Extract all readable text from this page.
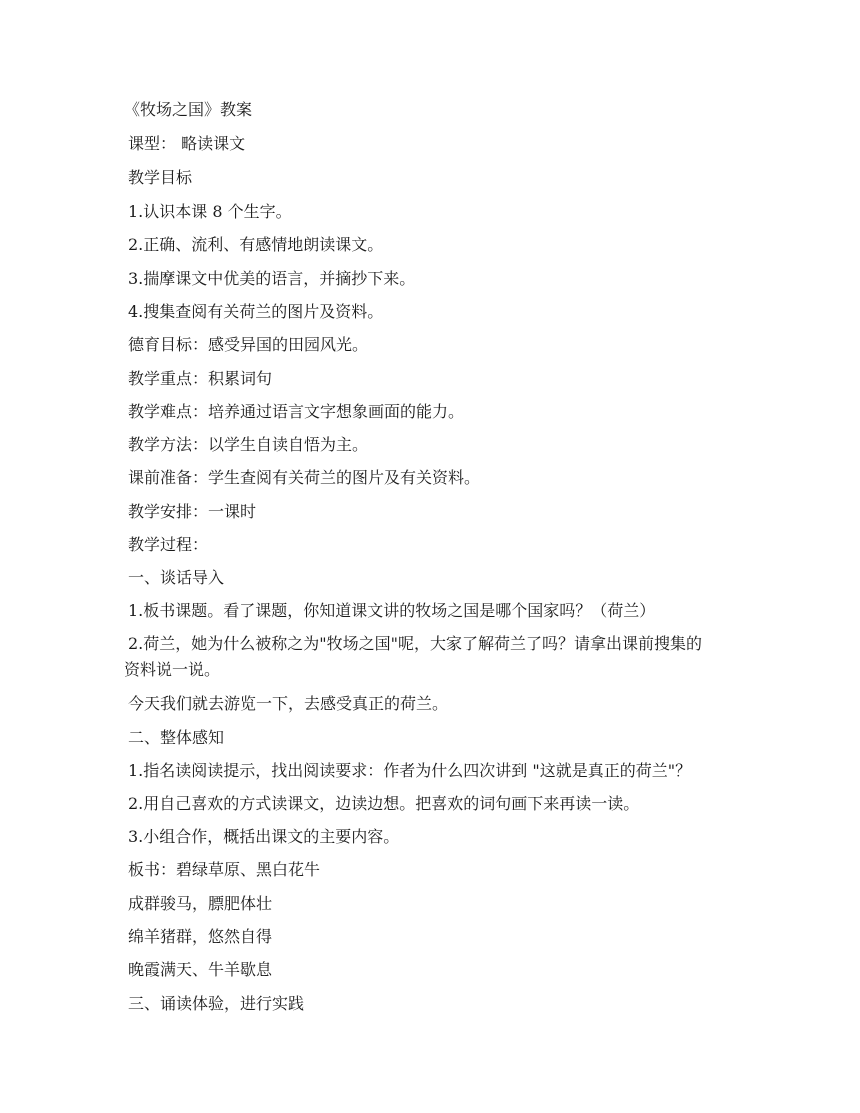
《牧场之国》教案
课型： 略读课文
教学目标
1.认识本课 8 个生字。
2.正确、流利、有感情地朗读课文。
3.揣摩课文中优美的语言，并摘抄下来。
4.搜集查阅有关荷兰的图片及资料。
德育目标：感受异国的田园风光。
教学重点：积累词句
教学难点：培养通过语言文字想象画面的能力。
教学方法：以学生自读自悟为主。
课前准备：学生查阅有关荷兰的图片及有关资料。
教学安排：一课时
教学过程：
一、谈话导入
1.板书课题。看了课题，你知道课文讲的牧场之国是哪个国家吗？（荷兰）
2.荷兰，她为什么被称之为"牧场之国"呢，大家了解荷兰了吗？请拿出课前搜集的
资料说一说。
今天我们就去游览一下，去感受真正的荷兰。
二、整体感知
1.指名读阅读提示，找出阅读要求：作者为什么四次讲到 "这就是真正的荷兰"？
2.用自己喜欢的方式读课文，边读边想。把喜欢的词句画下来再读一读。
3.小组合作，概括出课文的主要内容。
板书：碧绿草原、黑白花牛
成群骏马，膘肥体壮
绵羊猪群，悠然自得
晚霞满天、牛羊歇息
三、诵读体验，进行实践
